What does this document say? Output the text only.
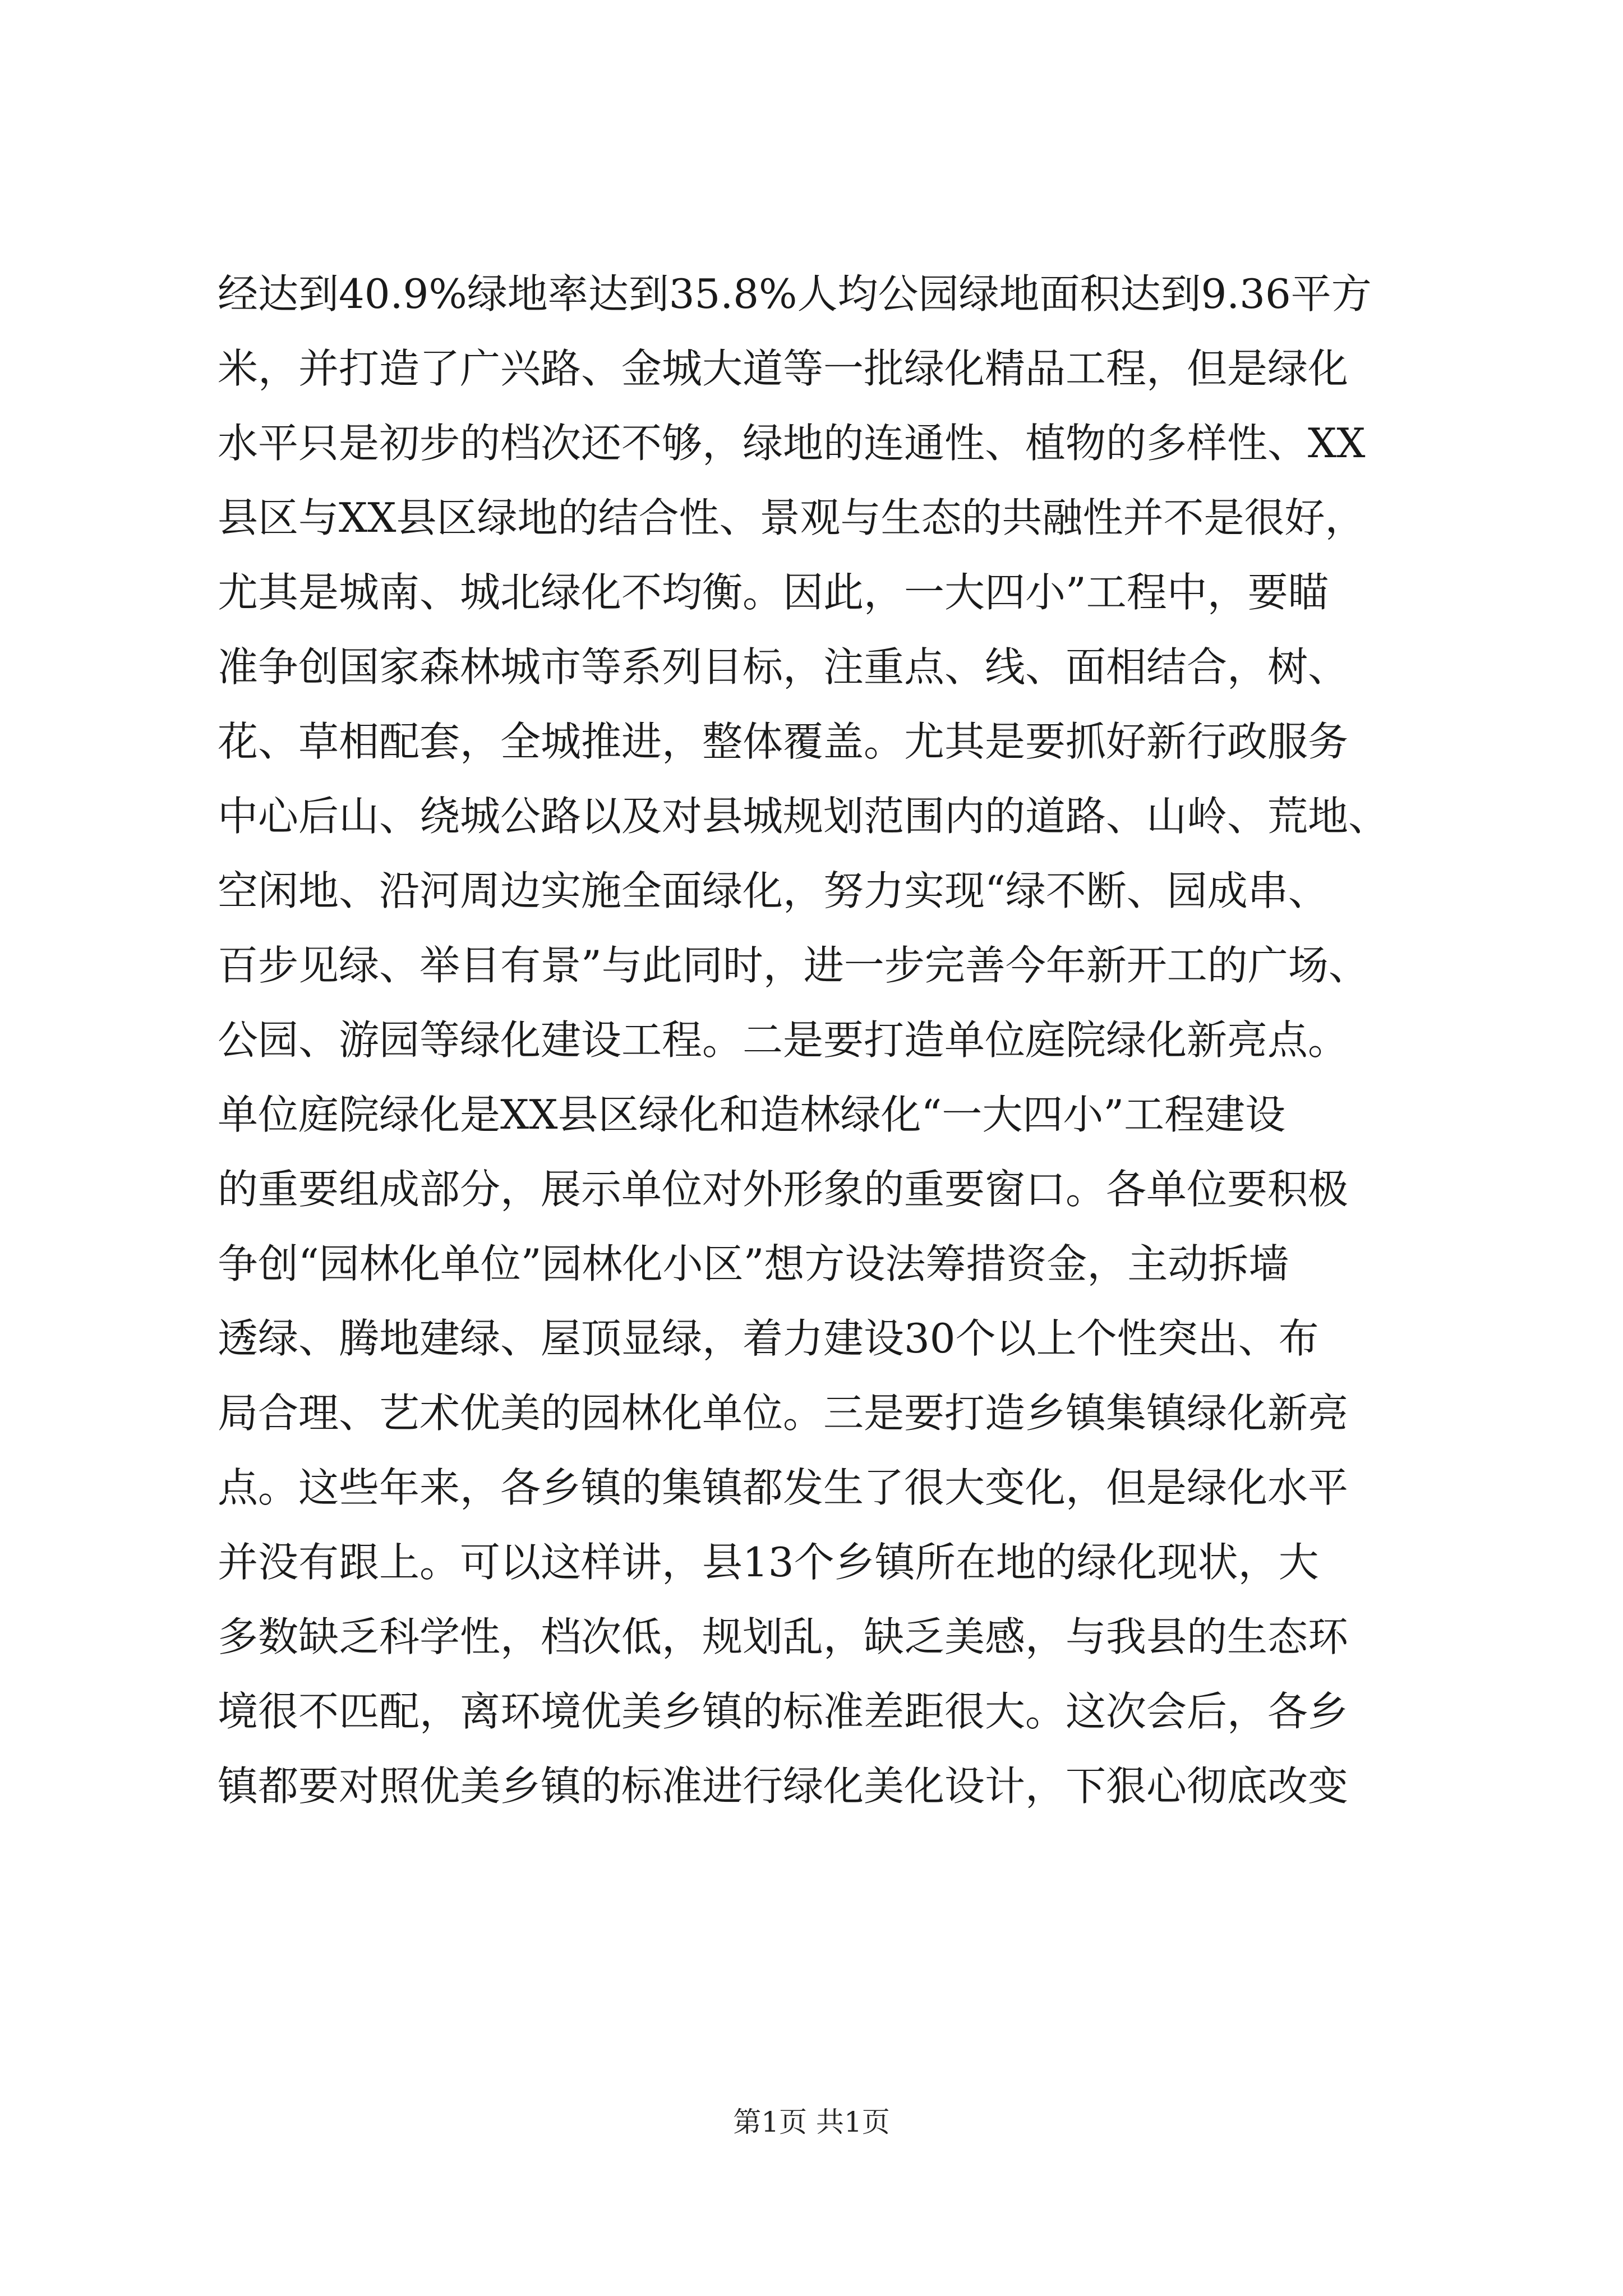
经达到40.9%绿地率达到35.8%人均公园绿地面积达到9.36平方
米，并打造了广兴路、金城大道等一批绿化精品工程，但是绿化
水平只是初步的档次还不够，绿地的连通性、植物的多样性、XX
县区与XX县区绿地的结合性、景观与生态的共融性并不是很好，
尤其是城南、城北绿化不均衡。因此，一大四小”工程中，要瞄
准争创国家森林城市等系列目标，注重点、线、面相结合，树、
花、草相配套，全城推进，整体覆盖。尤其是要抓好新行政服务
中心后山、绕城公路以及对县城规划范围内的道路、山岭、荒地、
空闲地、沿河周边实施全面绿化，努力实现“绿不断、园成串、
百步见绿、举目有景”与此同时，进一步完善今年新开工的广场、
公园、游园等绿化建设工程。二是要打造单位庭院绿化新亮点。
单位庭院绿化是XX县区绿化和造林绿化“一大四小”工程建设
的重要组成部分，展示单位对外形象的重要窗口。各单位要积极
争创“园林化单位”园林化小区”想方设法筹措资金，主动拆墙
透绿、腾地建绿、屋顶显绿，着力建设30个以上个性突出、布
局合理、艺术优美的园林化单位。三是要打造乡镇集镇绿化新亮
点。这些年来，各乡镇的集镇都发生了很大变化，但是绿化水平
并没有跟上。可以这样讲，县13个乡镇所在地的绿化现状，大
多数缺乏科学性，档次低，规划乱，缺乏美感，与我县的生态环
境很不匹配，离环境优美乡镇的标准差距很大。这次会后，各乡
镇都要对照优美乡镇的标准进行绿化美化设计，下狠心彻底改变
第1页 共1页
